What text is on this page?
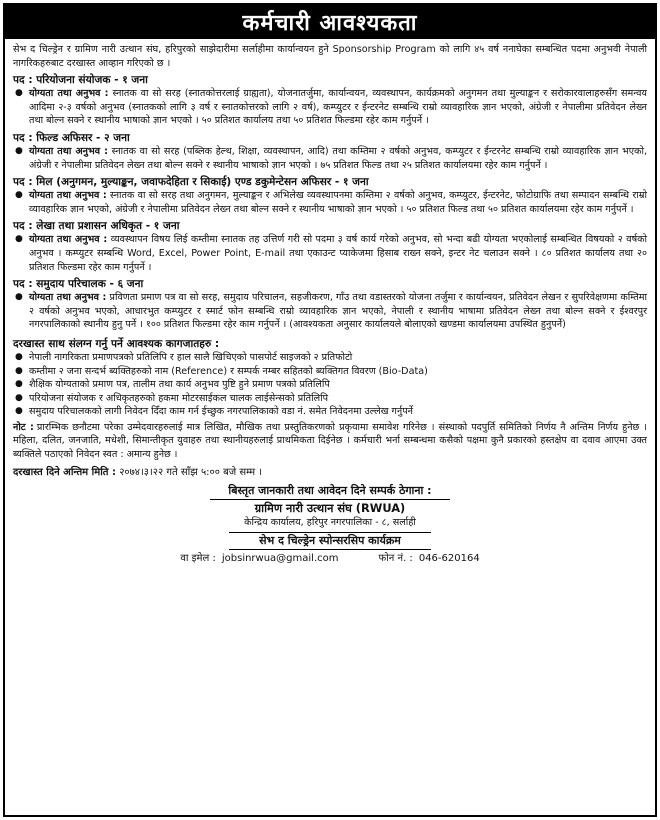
कर्मचारी आवश्यकता

सेभ द चिल्ड्रेन र ग्रामिण नारी उत्थान संघ, हरिपुरको साझेदारीमा सर्लाहीमा कार्यान्वयन हुने Sponsorship Program को लागि ४५ वर्ष ननाघेका सम्बन्धित पदमा अनुभवी नेपाली नागरिकहरुबाट दरखास्त आव्हान गरिएको छ ।

पद : परियोजना संयोजक - १ जना
● योग्यता तथा अनुभव : स्नातक वा सो सरह (स्नातकोत्तरलाई ग्राह्यता), योजनातर्जुमा, कार्यान्वयन, व्यवस्थापन, कार्यक्रमको अनुगमन तथा मुल्याङ्कन र सरोकारवालाहरुसँग समन्वय आदिमा २-३ वर्षको अनुभव (स्नातकको लागि ३ वर्ष र स्नातकोत्तरको लागि २ वर्ष), कम्प्युटर र ईन्टरनेट सम्बन्धि राम्रो व्यावहारिक ज्ञान भएको, अंग्रेजी र नेपालीमा प्रतिवेदन लेख्न तथा बोल्न सक्ने र स्थानीय भाषाको ज्ञान भएको । ५० प्रतिशत कार्यालय तथा ५० प्रतिशत फिल्डमा रहेर काम गर्नुपर्ने ।
पद : फिल्ड अफिसर - २ जना
● योग्यता तथा अनुभव : स्नातक वा सो सरह (पब्लिक हेल्थ, शिक्षा, व्यवस्थापन, आदि) तथा कम्तिमा २ वर्षको अनुभव, कम्प्युटर र ईन्टरनेट सम्बन्धि राम्रो व्यावहारिक ज्ञान भएको, अंग्रेजी र नेपालीमा प्रतिवेदन लेख्न तथा बोल्न सक्ने र स्थानीय भाषाको ज्ञान भएको । ७५ प्रतिशत फिल्ड तथा २५ प्रतिशत कार्यालयमा रहेर काम गर्नुपर्ने ।
पद : मिल (अनुगमन, मुल्याङ्कन, जवाफदेहिता र सिकाई) एण्ड डकुमेन्टेसन अफिसर - १ जना
● योग्यता तथा अनुभव : स्नातक वा सो सरह तथा अनुगमन, मुल्याङ्कन र अभिलेख व्यवस्थापनमा कम्तिमा २ वर्षको अनुभव, कम्प्युटर, ईन्टरनेट, फोटोग्राफि तथा सम्पादन सम्बन्धि राम्रो व्यावहारिक ज्ञान भएको, अंग्रेजी र नेपालीमा प्रतिवेदन लेख्न तथा बोल्न सक्ने र स्थानीय भाषाको ज्ञान भएको । ५० प्रतिशत फिल्ड तथा ५० प्रतिशत कार्यालयमा रहेर काम गर्नुपर्ने ।
पद : लेखा तथा प्रशासन अधिकृत - १ जना
● योग्यता तथा अनुभव : व्यवस्थापन विषय लिई कम्तीमा स्नातक तह उत्तिर्ण गरी सो पदमा ३ वर्ष कार्य गरेको अनुभव, सो भन्दा बढी योग्यता भएकोलाई सम्बन्धित विषयको २ वर्षको अनुभव । कम्प्युटर सम्बन्धि Word, Excel, Power Point, E-mail तथा एकाउन्ट प्याकेजमा हिसाब राख्न सक्ने, इन्टर नेट चलाउन सक्ने । ८० प्रतिशत कार्यालय तथा २० प्रतिशत फिल्डमा रहेर काम गर्नुपर्ने ।
पद : समुदाय परिचालक - ६ जना
● योग्यता तथा अनुभव : प्रविणता प्रमाण पत्र वा सो सरह, समुदाय परिचालन, सहजीकरण, गाँउ तथा वडास्तरको योजना तर्जुमा र कार्यान्वयन, प्रतिवेदन लेखन र सुपरिवेक्षणमा कम्तिमा २ वर्षको अनुभव भएको, आधारभुत कम्प्युटर र स्मार्ट फोन सम्बन्धि राम्रो व्यावहारिक ज्ञान भएको, नेपाली र स्थानीय भाषामा प्रतिवेदन लेख्न तथा बोल्न सक्ने र ईश्वरपुर नगरपालिकाको स्थानीय हुनु पर्ने । १०० प्रतिशत फिल्डमा रहेर काम गर्नुपर्ने । (आवश्यकता अनुसार कार्यालयले बोलाएको खण्डमा कार्यालयमा उपस्थित हुनुपर्ने)
दरखास्त साथ संलग्न गर्नु पर्ने आवश्यक कागजातहरु :
● नेपाली नागरिकता प्रमाणपत्रको प्रतिलिपि र हाल सालै खिचिएको पासपोर्ट साइजको २ प्रतिफोटो
● कम्तीमा २ जना सन्दर्भ ब्यक्तिहरुको नाम (Reference) र सम्पर्क नम्बर सहितको ब्यक्तिगत विवरण (Bio-Data)
● शैक्षिक योग्यताको प्रमाण पत्र, तालीम तथा कार्य अनुभव पुष्टि हुने प्रमाण पत्रको प्रतिलिपि
● परियोजना संयोजक र अधिकृतहरुको हकमा मोटरसाईकल चालक लाईसेन्सको प्रतिलिपि
● समुदाय परिचालकको लागी निवेदन दिँदा काम गर्न ईच्छुक नगरपालिकाको वडा नं. समेत निवेदनमा उल्लेख गर्नुपर्ने

नोट : प्रारम्भिक छनौटमा परेका उम्मेदवारहरुलाई मात्र लिखित, मौखिक तथा प्रस्तुतिकरणको प्रकृयामा समावेश गरिनेछ । संस्थाको पदपुर्ति समितिको निर्णय नै अन्तिम निर्णय हुनेछ । महिला, दलित, जनजाति, मधेशी, सिमान्तीकृत युवाहरु तथा स्थानीयहरुलाई प्राथमिकता दिईनेछ । कर्मचारी भर्ना सम्बन्धमा कसैको पक्षमा कुनै प्रकारको हस्तक्षेप वा दवाव आएमा उक्त ब्यक्तिले पठाएको निवेदन स्वत : अमान्य हुनेछ ।

दरखास्त दिने अन्तिम मिति : २०७४।३।२२ गते साँझ ५:०० बजे सम्म ।
बिस्तृत जानकारी तथा आवेदन दिने सम्पर्क ठेगाना :
ग्रामिण नारी उत्थान संघ (RWUA)
केन्द्रिय कार्यालय, हरिपुर नगरपालिका - ८, सर्लाही
सेभ द चिल्ड्रेन स्पोन्सरसिप कार्यक्रम
वा इमेल : jobsinrwua@gmail.com	फोन नं. : 046-620164
